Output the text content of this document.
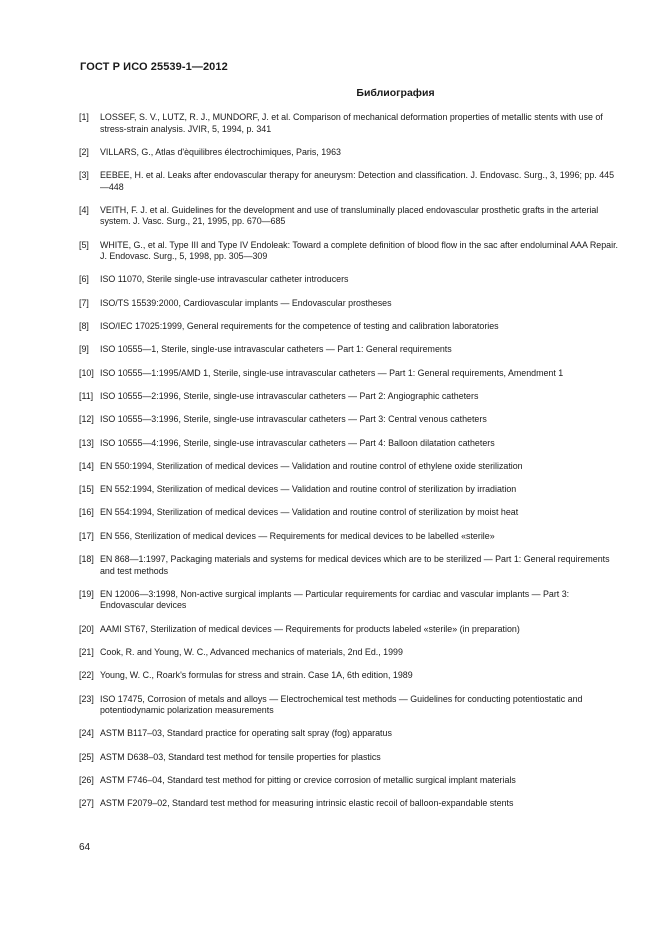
ГОСТ Р ИСО 25539-1—2012
Библиография
[1]	LOSSEF, S. V., LUTZ, R. J., MUNDORF, J. et al. Comparison of mechanical deformation properties of metallic stents with use of stress-strain analysis. JVIR, 5, 1994, p. 341
[2]	VILLARS, G., Atlas d'èquilibres électrochimiques, Paris, 1963
[3]	EEBEE, H. et al. Leaks after endovascular therapy for aneurysm: Detection and classification. J. Endovasc. Surg., 3, 1996; pp. 445—448
[4]	VEITH, F. J. et al. Guidelines for the development and use of transluminally placed endovascular prosthetic grafts in the arterial system. J. Vasc. Surg., 21, 1995, pp. 670—685
[5]	WHITE, G., et al. Type III and Type IV Endoleak: Toward a complete definition of blood flow in the sac after endoluminal AAA Repair. J. Endovasc. Surg., 5, 1998, pp. 305—309
[6]	ISO 11070, Sterile single-use intravascular catheter introducers
[7]	ISO/TS 15539:2000, Cardiovascular implants — Endovascular prostheses
[8]	ISO/IEC 17025:1999, General requirements for the competence of testing and calibration laboratories
[9]	ISO 10555—1, Sterile, single-use intravascular catheters — Part 1: General requirements
[10] ISO 10555—1:1995/AMD 1, Sterile, single-use intravascular catheters — Part 1: General requirements, Amendment 1
[11] ISO 10555—2:1996, Sterile, single-use intravascular catheters — Part 2: Angiographic catheters
[12] ISO 10555—3:1996, Sterile, single-use intravascular catheters — Part 3: Central venous catheters
[13] ISO 10555—4:1996, Sterile, single-use intravascular catheters — Part 4: Balloon dilatation catheters
[14] EN 550:1994, Sterilization of medical devices — Validation and routine control of ethylene oxide sterilization
[15] EN 552:1994, Sterilization of medical devices — Validation and routine control of sterilization by irradiation
[16] EN 554:1994, Sterilization of medical devices — Validation and routine control of sterilization by moist heat
[17] EN 556, Sterilization of medical devices — Requirements for medical devices to be labelled «sterile»
[18] EN 868—1:1997, Packaging materials and systems for medical devices which are to be sterilized — Part 1: General requirements and test methods
[19] EN 12006—3:1998, Non-active surgical implants — Particular requirements for cardiac and vascular implants — Part 3: Endovascular devices
[20] AAMI ST67, Sterilization of medical devices — Requirements for products labeled «sterile» (in preparation)
[21] Cook, R. and Young, W. C., Advanced mechanics of materials, 2nd Ed., 1999
[22] Young, W. C., Roark's formulas for stress and strain. Case 1A, 6th edition, 1989
[23] ISO 17475, Corrosion of metals and alloys — Electrochemical test methods — Guidelines for conducting potentiostatic and potentiodynamic polarization measurements
[24] ASTM B117–03, Standard practice for operating salt spray (fog) apparatus
[25] ASTM D638–03, Standard test method for tensile properties for plastics
[26] ASTM F746–04, Standard test method for pitting or crevice corrosion of metallic surgical implant materials
[27] ASTM F2079–02, Standard test method for measuring intrinsic elastic recoil of balloon-expandable stents
64
